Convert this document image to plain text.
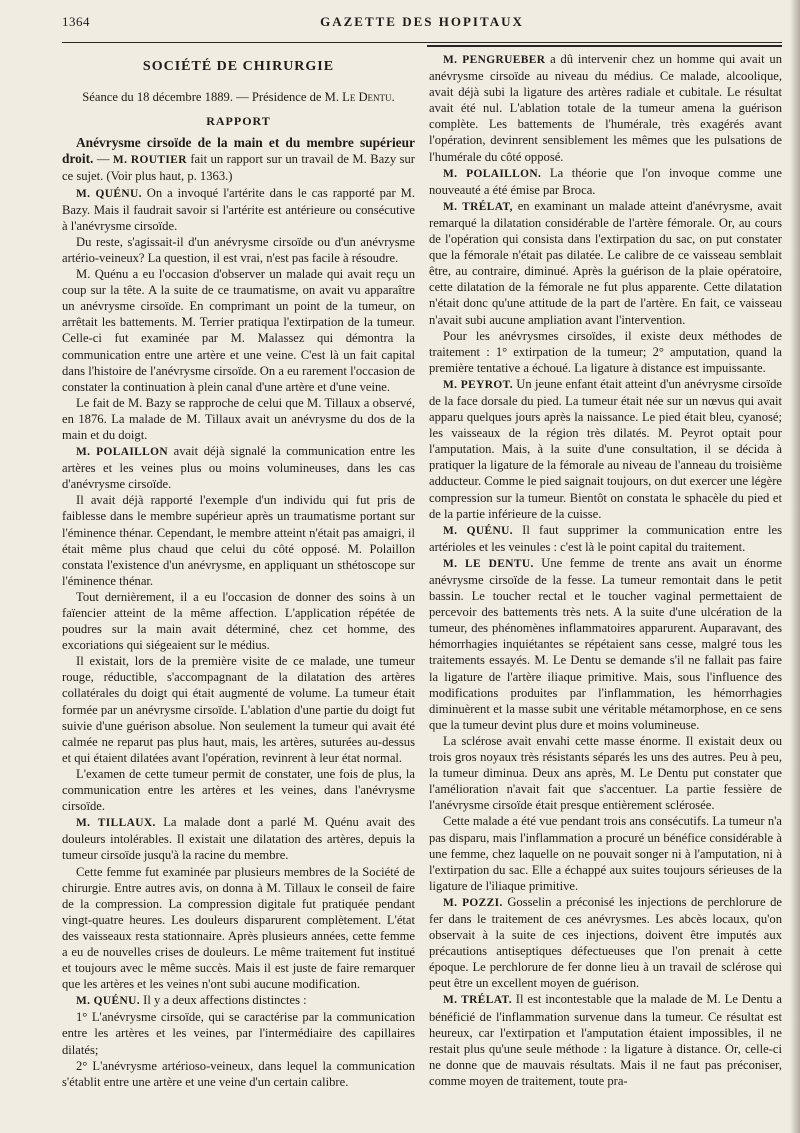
1364	GAZETTE DES HOPITAUX
SOCIÉTÉ DE CHIRURGIE
Séance du 18 décembre 1889. — Présidence de M. Le Dentu.
RAPPORT

Anévrysme cirsoïde de la main et du membre supérieur droit. — M. ROUTIER fait un rapport sur un travail de M. Bazy sur ce sujet. (Voir plus haut, p. 1363.)

M. QUÉNU. On a invoqué l'artérite dans le cas rapporté par M. Bazy. Mais il faudrait savoir si l'artérite est antérieure ou consécutive à l'anévrysme cirsoïde.

Du reste, s'agissait-il d'un anévrysme cirsoïde ou d'un anévrysme artério-veineux? La question, il est vrai, n'est pas facile à résoudre.

M. Quénu a eu l'occasion d'observer un malade qui avait reçu un coup sur la tête. A la suite de ce traumatisme, on avait vu apparaître un anévrysme cirsoïde. En comprimant un point de la tumeur, on arrêtait les battements. M. Terrier pratiqua l'extirpation de la tumeur. Celle-ci fut examinée par M. Malassez qui démontra la communication entre une artère et une veine. C'est là un fait capital dans l'histoire de l'anévrysme cirsoïde. On a eu rarement l'occasion de constater la continuation à plein canal d'une artère et d'une veine.

Le fait de M. Bazy se rapproche de celui que M. Tillaux a observé, en 1876. La malade de M. Tillaux avait un anévrysme du dos de la main et du doigt.

M. POLAILLON avait déjà signalé la communication entre les artères et les veines plus ou moins volumineuses, dans les cas d'anévrysme cirsoïde.

Il avait déjà rapporté l'exemple d'un individu qui fut pris de faiblesse dans le membre supérieur après un traumatisme portant sur l'éminence thénar. Cependant, le membre atteint n'était pas amaigri, il était même plus chaud que celui du côté opposé. M. Polaillon constata l'existence d'un anévrysme, en appliquant un sthétoscope sur l'éminence thénar.

Tout dernièrement, il a eu l'occasion de donner des soins à un faïencier atteint de la même affection. L'application répétée de poudres sur la main avait déterminé, chez cet homme, des excoriations qui siégeaient sur le médius.

Il existait, lors de la première visite de ce malade, une tumeur rouge, réductible, s'accompagnant de la dilatation des artères collatérales du doigt qui était augmenté de volume. La tumeur était formée par un anévrysme cirsoïde. L'ablation d'une partie du doigt fut suivie d'une guérison absolue. Non seulement la tumeur qui avait été calmée ne reparut pas plus haut, mais, les artères, suturées au-dessus et qui étaient dilatées avant l'opération, revinrent à leur état normal.

L'examen de cette tumeur permit de constater, une fois de plus, la communication entre les artères et les veines, dans l'anévrysme cirsoïde.

M. TILLAUX. La malade dont a parlé M. Quénu avait des douleurs intolérables. Il existait une dilatation des artères, depuis la tumeur cirsoïde jusqu'à la racine du membre.

Cette femme fut examinée par plusieurs membres de la Société de chirurgie. Entre autres avis, on donna à M. Tillaux le conseil de faire de la compression. La compression digitale fut pratiquée pendant vingt-quatre heures. Les douleurs disparurent complètement. L'état des vaisseaux resta stationnaire. Après plusieurs années, cette femme a eu de nouvelles crises de douleurs. Le même traitement fut institué et toujours avec le même succès. Mais il est juste de faire remarquer que les artères et les veines n'ont subi aucune modification.

M. QUÉNU. Il y a deux affections distinctes :

1° L'anévrysme cirsoïde, qui se caractérise par la communication entre les artères et les veines, par l'intermédiaire des capillaires dilatés;

2° L'anévrysme artérioso-veineux, dans lequel la communication s'établit entre une artère et une veine d'un certain calibre.

M. PENGRUEBER a dû intervenir chez un homme qui avait un anévrysme cirsoïde au niveau du médius. Ce malade, alcoolique, avait déjà subi la ligature des artères radiale et cubitale. Le résultat avait été nul. L'ablation totale de la tumeur amena la guérison complète. Les battements de l'humérale, très exagérés avant l'opération, devinrent sensiblement les mêmes que les pulsations de l'humérale du côté opposé.

M. POLAILLON. La théorie que l'on invoque comme une nouveauté a été émise par Broca.

M. TRÉLAT, en examinant un malade atteint d'anévrysme, avait remarqué la dilatation considérable de l'artère fémorale. Or, au cours de l'opération qui consista dans l'extirpation du sac, on put constater que la fémorale n'était pas dilatée. Le calibre de ce vaisseau semblait être, au contraire, diminué. Après la guérison de la plaie opératoire, cette dilatation de la fémorale ne fut plus apparente. Cette dilatation n'était donc qu'une attitude de la part de l'artère. En fait, ce vaisseau n'avait subi aucune ampliation avant l'intervention.

Pour les anévrysmes cirsoïdes, il existe deux méthodes de traitement : 1° extirpation de la tumeur; 2° amputation, quand la première tentative a échoué. La ligature à distance est impuissante.

M. PEYROT. Un jeune enfant était atteint d'un anévrysme cirsoïde de la face dorsale du pied. La tumeur était née sur un nœvus qui avait apparu quelques jours après la naissance. Le pied était bleu, cyanosé; les vaisseaux de la région très dilatés. M. Peyrot optait pour l'amputation. Mais, à la suite d'une consultation, il se décida à pratiquer la ligature de la fémorale au niveau de l'anneau du troisième adducteur. Comme le pied saignait toujours, on dut exercer une légère compression sur la tumeur. Bientôt on constata le sphacèle du pied et de la partie inférieure de la cuisse.

M. QUÉNU. Il faut supprimer la communication entre les artérioles et les veinules : c'est là le point capital du traitement.

M. LE DENTU. Une femme de trente ans avait un énorme anévrysme cirsoïde de la fesse. La tumeur remontait dans le petit bassin. Le toucher rectal et le toucher vaginal permettaient de percevoir des battements très nets. A la suite d'une ulcération de la tumeur, des phénomènes inflammatoires apparurent. Auparavant, des hémorrhagies inquiétantes se répétaient sans cesse, malgré tous les traitements essayés. M. Le Dentu se demande s'il ne fallait pas faire la ligature de l'artère iliaque primitive. Mais, sous l'influence des modifications produites par l'inflammation, les hémorrhagies diminuèrent et la masse subit une véritable métamorphose, en ce sens que la tumeur devint plus dure et moins volumineuse.

La sclérose avait envahi cette masse énorme. Il existait deux ou trois gros noyaux très résistants séparés les uns des autres. Peu à peu, la tumeur diminua. Deux ans après, M. Le Dentu put constater que l'amélioration n'avait fait que s'accentuer. La partie fessière de l'anévrysme cirsoïde était presque entièrement sclérosée.

Cette malade a été vue pendant trois ans consécutifs. La tumeur n'a pas disparu, mais l'inflammation a procuré un bénéfice considérable à une femme, chez laquelle on ne pouvait songer ni à l'amputation, ni à l'extirpation du sac. Elle a échappé aux suites toujours sérieuses de la ligature de l'iliaque primitive.

M. POZZI. Gosselin a préconisé les injections de perchlorure de fer dans le traitement de ces anévrysmes. Les abcès locaux, qu'on observait à la suite de ces injections, doivent être imputés aux précautions antiseptiques défectueuses que l'on prenait à cette époque. Le perchlorure de fer donne lieu à un travail de sclérose qui peut être un excellent moyen de guérison.

M. TRÉLAT. Il est incontestable que la malade de M. Le Dentu a bénéficié de l'inflammation survenue dans la tumeur. Ce résultat est heureux, car l'extirpation et l'amputation étaient impossibles, il ne restait plus qu'une seule méthode : la ligature à distance. Or, celle-ci ne donne que de mauvais résultats. Mais il ne faut pas préconiser, comme moyen de traitement, toute pra-
